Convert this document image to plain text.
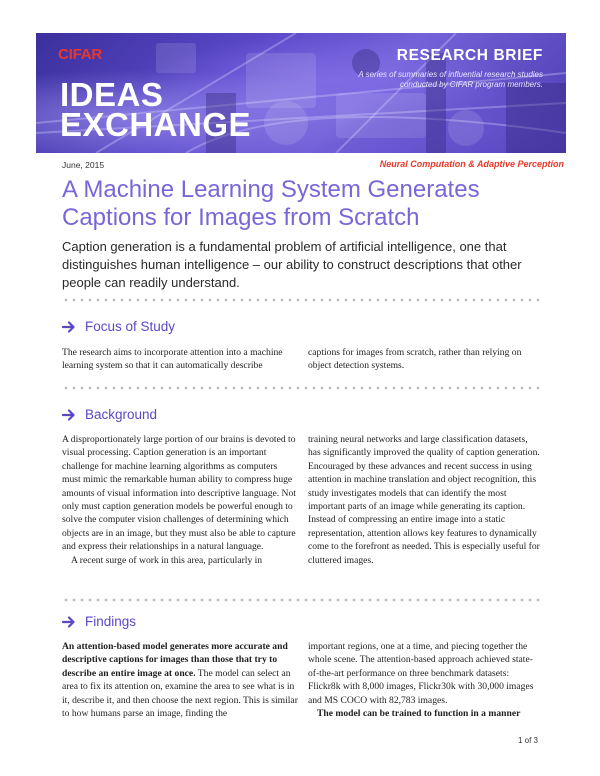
CIFAR
IDEAS
EXCHANGE
RESEARCH BRIEF
A series of summaries of influential research studies conducted by CIFAR program members.
June, 2015	Neural Computation & Adaptive Perception
A Machine Learning System Generates Captions for Images from Scratch

Caption generation is a fundamental problem of artificial intelligence, one that distinguishes human intelligence – our ability to construct descriptions that other people can readily understand.

Focus of Study

The research aims to incorporate attention into a machine learning system so that it can automatically describe

captions for images from scratch, rather than relying on object detection systems.

Background

A disproportionately large portion of our brains is devoted to visual processing. Caption generation is an important challenge for machine learning algorithms as computers must mimic the remarkable human ability to compress huge amounts of visual information into descriptive language. Not only must caption generation models be powerful enough to solve the computer vision challenges of determining which objects are in an image, but they must also be able to capture and express their relationships in a natural language.

A recent surge of work in this area, particularly in

training neural networks and large classification datasets, has significantly improved the quality of caption generation. Encouraged by these advances and recent success in using attention in machine translation and object recognition, this study investigates models that can identify the most important parts of an image while generating its caption. Instead of compressing an entire image into a static representation, attention allows key features to dynamically come to the forefront as needed. This is especially useful for cluttered images.

Findings

An attention-based model generates more accurate and descriptive captions for images than those that try to describe an entire image at once. The model can select an area to fix its attention on, examine the area to see what is in it, describe it, and then choose the next region. This is similar to how humans parse an image, finding the

important regions, one at a time, and piecing together the whole scene. The attention-based approach achieved state-of-the-art performance on three benchmark datasets: Flickr8k with 8,000 images, Flickr30k with 30,000 images and MS COCO with 82,783 images.

The model can be trained to function in a manner

1 of 3
